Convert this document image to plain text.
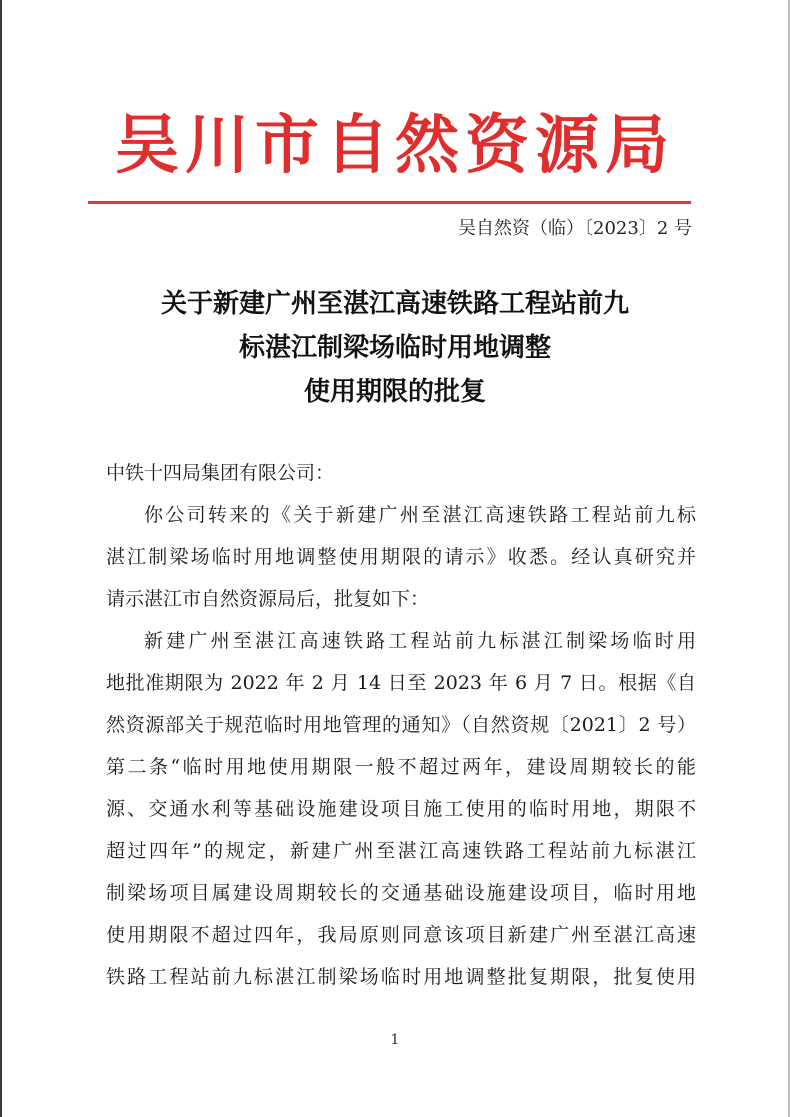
吴川市自然资源局
吴自然资（临）〔2023〕2 号
关于新建广州至湛江高速铁路工程站前九
标湛江制梁场临时用地调整
使用期限的批复
中铁十四局集团有限公司：
你公司转来的《关于新建广州至湛江高速铁路工程站前九标
湛江制梁场临时用地调整使用期限的请示》收悉。经认真研究并
请示湛江市自然资源局后，批复如下：
新建广州至湛江高速铁路工程站前九标湛江制梁场临时用
地批准期限为 2022 年 2 月 14 日至 2023 年 6 月 7 日。根据《自
然资源部关于规范临时用地管理的通知》（自然资规〔2021〕2 号）
第二条“临时用地使用期限一般不超过两年，建设周期较长的能
源、交通水利等基础设施建设项目施工使用的临时用地，期限不
超过四年”的规定，新建广州至湛江高速铁路工程站前九标湛江
制梁场项目属建设周期较长的交通基础设施建设项目，临时用地
使用期限不超过四年，我局原则同意该项目新建广州至湛江高速
铁路工程站前九标湛江制梁场临时用地调整批复期限，批复使用
1
